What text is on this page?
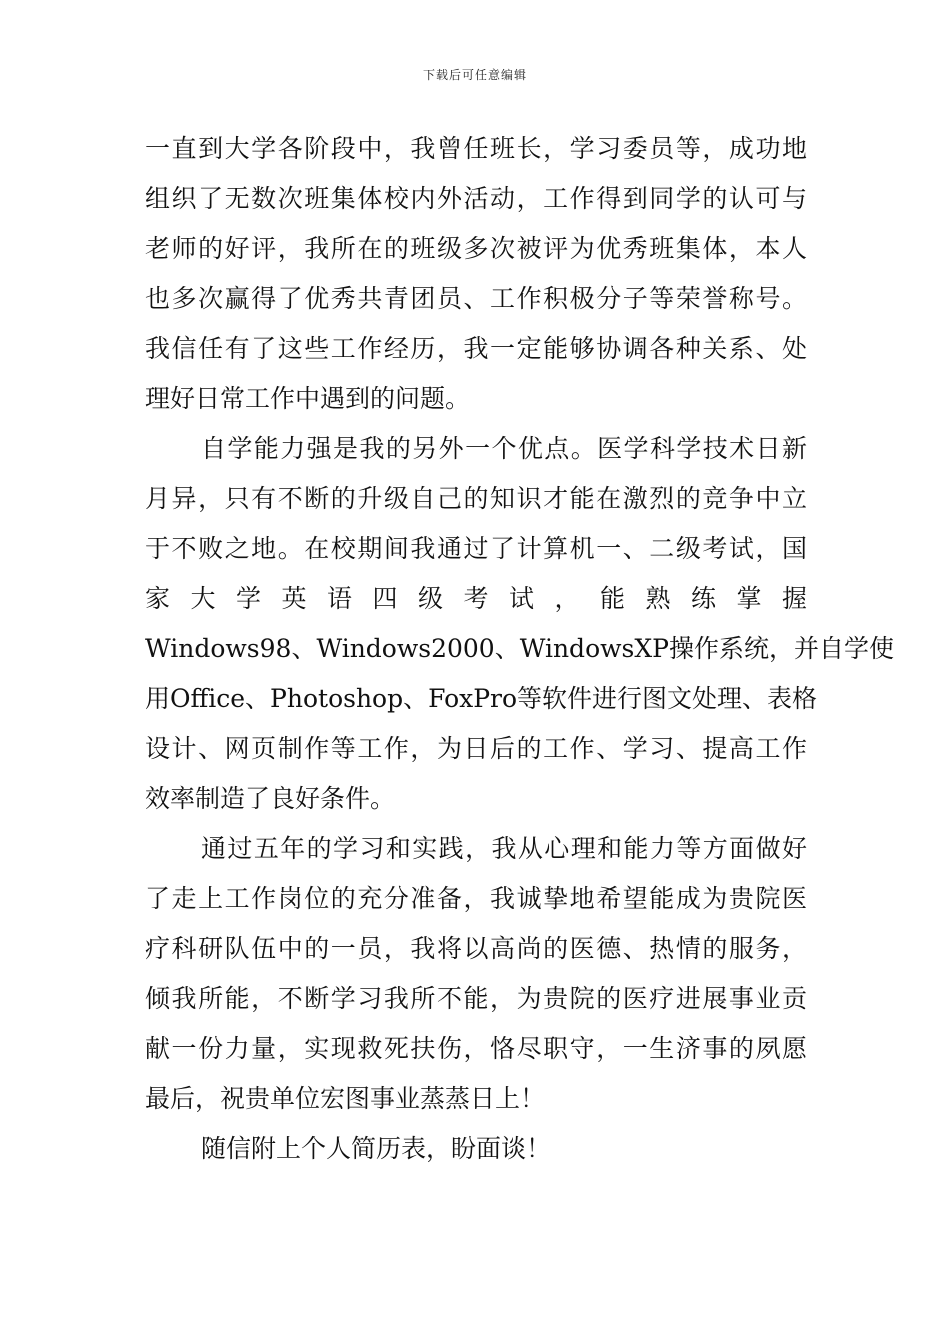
下载后可任意编辑
一直到大学各阶段中，我曾任班长，学习委员等，成功地
组织了无数次班集体校内外活动，工作得到同学的认可与
老师的好评，我所在的班级多次被评为优秀班集体，本人
也多次赢得了优秀共青团员、工作积极分子等荣誉称号。
我信任有了这些工作经历，我一定能够协调各种关系、处
理好日常工作中遇到的问题。
自学能力强是我的另外一个优点。医学科学技术日新
月异，只有不断的升级自己的知识才能在激烈的竞争中立
于不败之地。在校期间我通过了计算机一、二级考试，国
家 大 学 英 语 四 级 考 试 ， 能 熟 练 掌 握
Windows98、Windows2000、WindowsXP操作系统，并自学使
用Office、Photoshop、FoxPro等软件进行图文处理、表格
设计、网页制作等工作，为日后的工作、学习、提高工作
效率制造了良好条件。
通过五年的学习和实践，我从心理和能力等方面做好
了走上工作岗位的充分准备，我诚挚地希望能成为贵院医
疗科研队伍中的一员，我将以高尚的医德、热情的服务，
倾我所能，不断学习我所不能，为贵院的医疗进展事业贡
献一份力量，实现救死扶伤，恪尽职守，一生济事的夙愿
最后，祝贵单位宏图事业蒸蒸日上！
随信附上个人简历表，盼面谈！
